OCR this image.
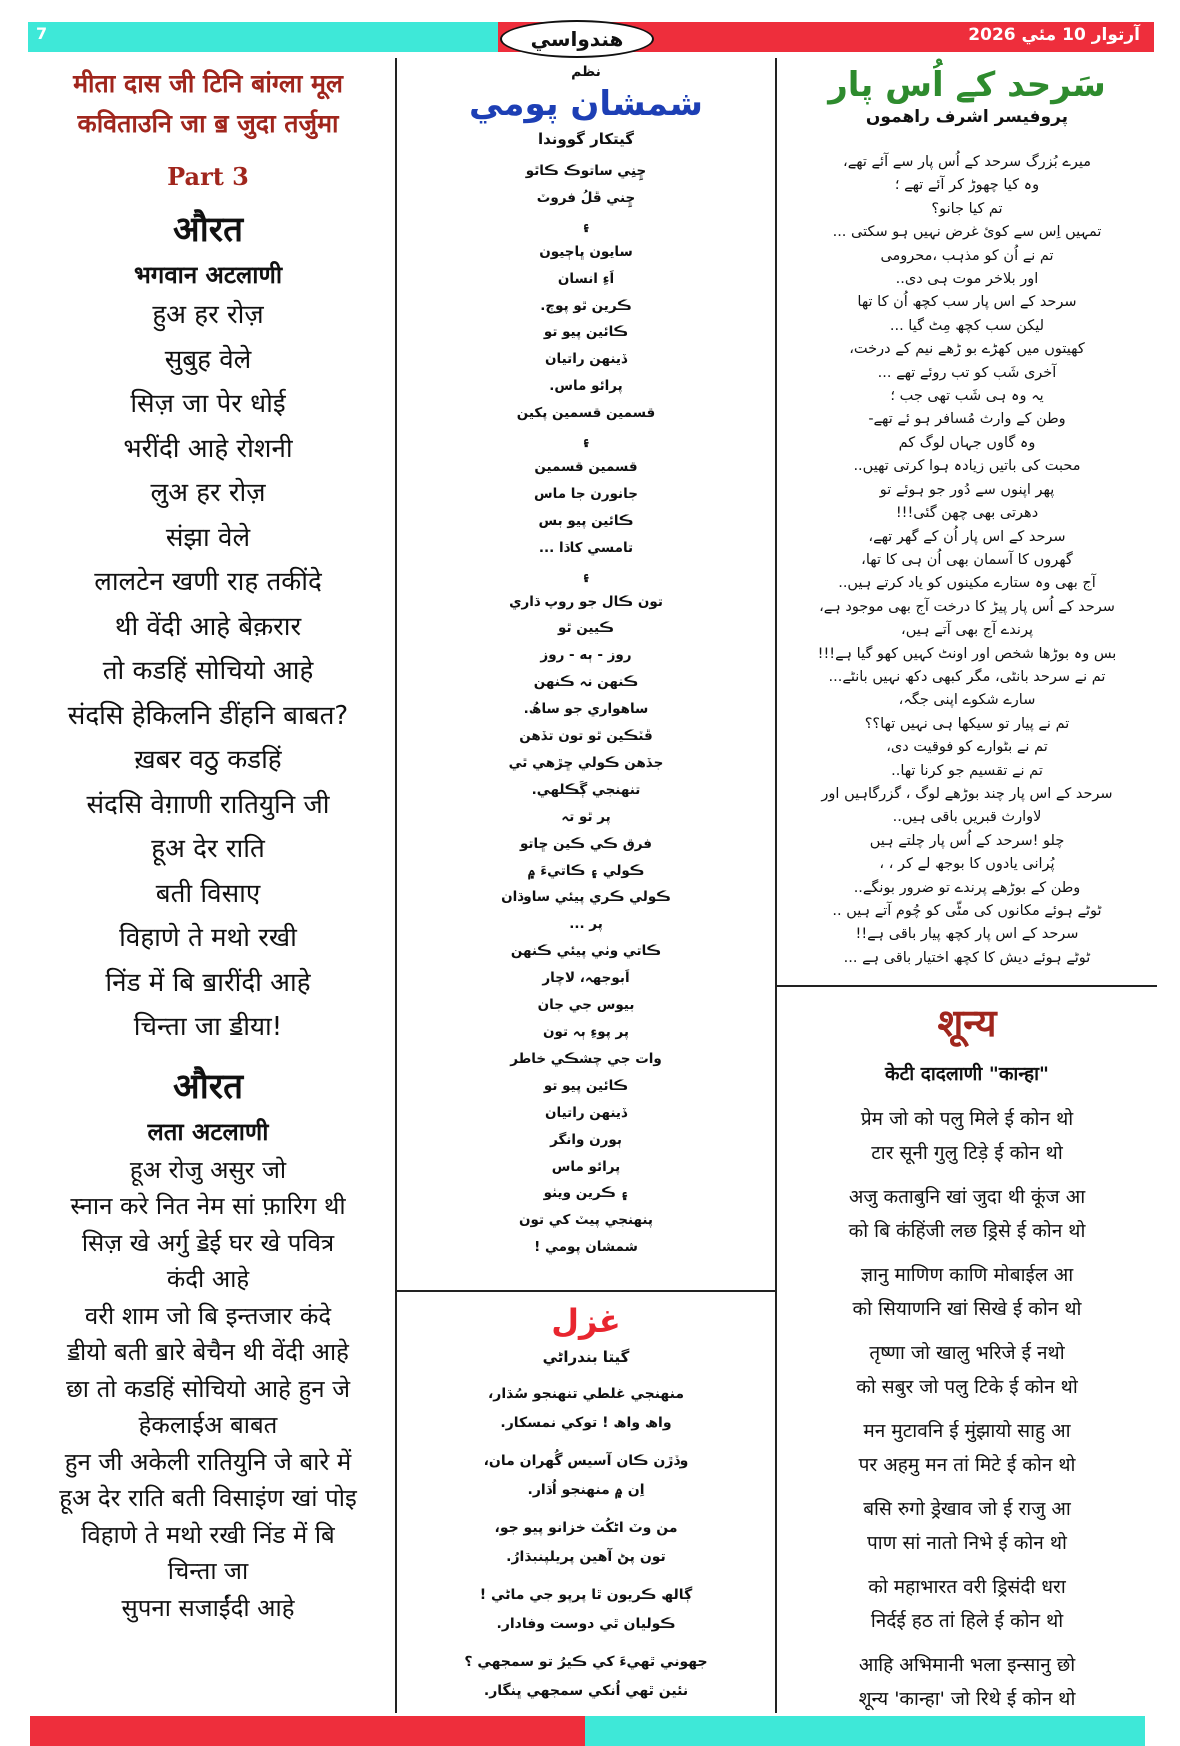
7	هندواسي	آرتوار 10 مئي 2026
मीता दास जी टिनि बांग्ला मूल
कविताउनि जा ॿ जुदा तर्जुमा
Part 3
औरत
भगवान अटलाणी
हुअ हर रोज़
सुबुह वेले
सिज़ जा पेर धोई
भरींदी आहे रोशनी
लुअ हर रोज़
संझा वेले
लालटेन खणी राह तकींदे
थी वेंदी आहे बेक़रार
तो कडहिं सोचियो आहे
संदसि हेकिलनि डींहनि बाबत?
ख़बर वठु कडहिं
संदसि वेग़ाणी रातियुनि जी
हूअ देर राति
बती विसाए
विहाणे ते मथो रखी
निंड में बि ॿारींदी आहे
चिन्ता जा ॾीया!
औरत
लता अटलाणी
हूअ रोजु असुर जो
स्नान करे नित नेम सां फ़ारिग थी
सिज़ खे अर्गु ॾेई घर खे पवित्र
कंदी आहे
वरी शाम जो बि इन्तजार कंदे
ॾीयो बती ॿारे बेचैन थी वेंदी आहे
छा तो कडहिं सोचियो आहे हुन जे
हेकलाईअ बाबत
हुन जी अकेली रातियुनि जे बारे में
हूअ देर राति बती विसाइंण खां पोइ
विहाणे ते मथो रखी निंड में बि
चिन्ता जा
सुपना सजाईंदी आहे
نظم
شمشان پومي
گيتکار گووندا
ڇِنِي ساتوڪ ڪاٿو
ڇِني ڦلُ فروٽ
۽
سايون ڀاڄيون
اَءِ انسان
ڪرين ٿو پوڄ.
ڪائين پيو تو
ڏينهن راتيان
پرائو ماس.
قسمين قسمين پکين
۽
قسمين قسمين
جانورن جا ماس
ڪائين پيو بس
تامسي کاڌا ...
۽
تون ڪال جو روپ ڌاري
ڪيين ٿو
روز - ٻه - روز
ڪنهن نہ ڪنهن
ساهواري جو ساھُ.
ڦٽڪين ٿو تون تڏهن
جڏهن ڪولي ڇڙهي ٿي
تنهنجي ڳَڪلهي.
پر ٿو تہ
فرق ڪي ڪين ڇاتو
ڪولي ۽ ڪاتيءَ ۾
ڪولي ڪري پيئي ساوڌان
پر ...
ڪاتي وٺي پيئي ڪنهن
اَبوجھہ، لاچار
بيوس جي جان
پر پوءِ ٻہ تون
وات جي چشڪي خاطر
ڪائين پيو تو
ڏينهن راتيان
ٻورن وانگر
پرائو ماس
۽ ڪرين ويٺو
پنهنجي پيٽ کي تون
شمشان پومي !
غزل
گيتا بندراڻي
منهنجي غلطي تنهنجو سُڌار،
واھ واھ ! توکي نمسکار.
وڏڙن ڪان آسيس گُھران مان،
اِن ۾ منهنجو اُڌار.
من وٽ اڻکُٽ خزانو پيو جو،
تون پڻ آهين پريلپنبڌارُ.
ڳالھ ڪريون ٿا پرپو جي ماڻي !
ڪوليان ٿي دوست وفادار.
جهوني ٿهيءَ کي ڪيرُ تو سمجهي ؟
نئين ٿهي اُنکي سمجھي ڀنگار.
سَرحد کے اُس پار
پروفیسر اشرف راھموں
میرے بُزرگ سرحد کے اُس پار سے آئے تھے،
وہ کیا چھوڑ کر آئے تھے ؛
تم کیا جانو؟
تمہیں اِس سے کوئ غرض نہیں ہو سکتی ...
تم نے اُن کو مذہب ،محرومی
اور بلاخر موت ہی دی..
سرحد کے اس پار سب کچھ اُن کا تھا
لیکن سب کچھ مِٹ گیا ...
کھیتوں میں کھڑے بو ڑھے نیم کے درخت،
آخری شَب کو تب روئے تھے ...
یہ وہ ہی شَب تھی جب ؛
وطن کے وارث مُسافر ہو ئے تھے-
وہ گاوں جہاں لوگ کم
محبت کی باتیں زیادہ ہوا کرتی تھیں..
پھر اپنوں سے دُور جو ہوئے تو
دھرتی بھی چھن گئی!!!
سرحد کے اس پار اُن کے گھر تھے،
گھروں کا آسمان بھی اُن ہی کا تھا،
آج بھی وہ ستارے مکینوں کو یاد کرتے ہیں..
سرحد کے اُس پار پیڑ کا درخت آج بھی موجود ہے،
پرندے آج بھی آتے ہیں،
بس وہ بوڑھا شخص اور اونٹ کہیں کھو گیا ہے!!!
تم نے سرحد بانٹی، مگر کبھی دکھ نہیں بانٹے...
سارے شکوے اپنی جگہ،
تم نے پیار تو سیکھا ہی نہیں تھا؟؟
تم نے بٹوارے کو فوقیت دی،
تم نے تقسیم جو کرنا تھا..
سرحد کے اس پار چند بوڑھے لوگ ، گزرگاہیں اور
لاوارث قبریں باقی ہیں..
چلو !سرحد کے اُس پار چلتے ہیں
پُرانی یادوں کا بوجھ لے کر ، ،
وطن کے بوڑھے پرندے تو ضرور بونگے..
ٹوٹے ہوئے مکانوں کی مٹّی کو چُوم آتے ہیں ..
سرحد کے اس پار کچھ پیار باقی ہے!!
ٹوٹے ہوئے دیش کا کچھ اختیار باقی ہے ...
शून्य
केटी दादलाणी "कान्हा"
प्रेम जो को पलु मिले ई कोन थो
टार सूनी गुलु टिड़े ई कोन थो
अजु कताबुनि खां जुदा थी कूंज आ
को बि कंहिंजी लछ ड्रिसे ई कोन थो
ज्ञानु माणिण काणि मोबाईल आ
को सियाणनि खां सिखे ई कोन थो
तृष्णा जो खालु भरिजे ई नथो
को सबुर जो पलु टिके ई कोन थो
मन मुटावनि ई मुंझायो साहु आ
पर अहमु मन तां मिटे ई कोन थो
बसि रुगो ड्रेखाव जो ई राजु आ
पाण सां नातो निभे ई कोन थो
को महाभारत वरी ड्रिसंदी धरा
निर्दई हठ तां हिले ई कोन थो
आहि अभिमानी भला इन्सानु छो
शून्य 'कान्हा' जो रिथे ई कोन थो
